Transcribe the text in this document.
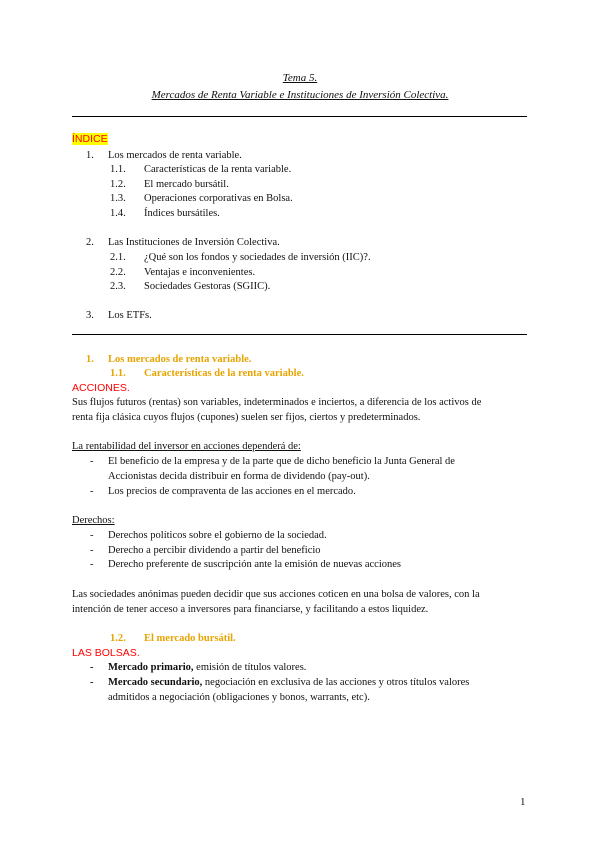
Tema 5.
Mercados de Renta Variable e Instituciones de Inversión Colectiva.
ÍNDICE
1. Los mercados de renta variable.
1.1. Características de la renta variable.
1.2. El mercado bursátil.
1.3. Operaciones corporativas en Bolsa.
1.4. Índices bursátiles.
2. Las Instituciones de Inversión Colectiva.
2.1. ¿Qué son los fondos y sociedades de inversión (IIC)?.
2.2. Ventajas e inconvenientes.
2.3. Sociedades Gestoras (SGIIC).
3. Los ETFs.
1. Los mercados de renta variable.
1.1. Características de la renta variable.
ACCIONES.
Sus flujos futuros (rentas) son variables, indeterminados e inciertos, a diferencia de los activos de
renta fija clásica cuyos flujos (cupones) suelen ser fijos, ciertos y predeterminados.
La rentabilidad del inversor en acciones dependerá de:
- El beneficio de la empresa y de la parte que de dicho beneficio la Junta General de
Accionistas decida distribuir en forma de dividendo (pay-out).
- Los precios de compraventa de las acciones en el mercado.
Derechos:
- Derechos políticos sobre el gobierno de la sociedad.
- Derecho a percibir dividendo a partir del beneficio
- Derecho preferente de suscripción ante la emisión de nuevas acciones
Las sociedades anónimas pueden decidir que sus acciones coticen en una bolsa de valores, con la
intención de tener acceso a inversores para financiarse, y facilitando a estos liquidez.
1.2. El mercado bursátil.
LAS BOLSAS.
- Mercado primario, emisión de títulos valores.
- Mercado secundario, negociación en exclusiva de las acciones y otros títulos valores
admitidos a negociación (obligaciones y bonos, warrants, etc).
1
